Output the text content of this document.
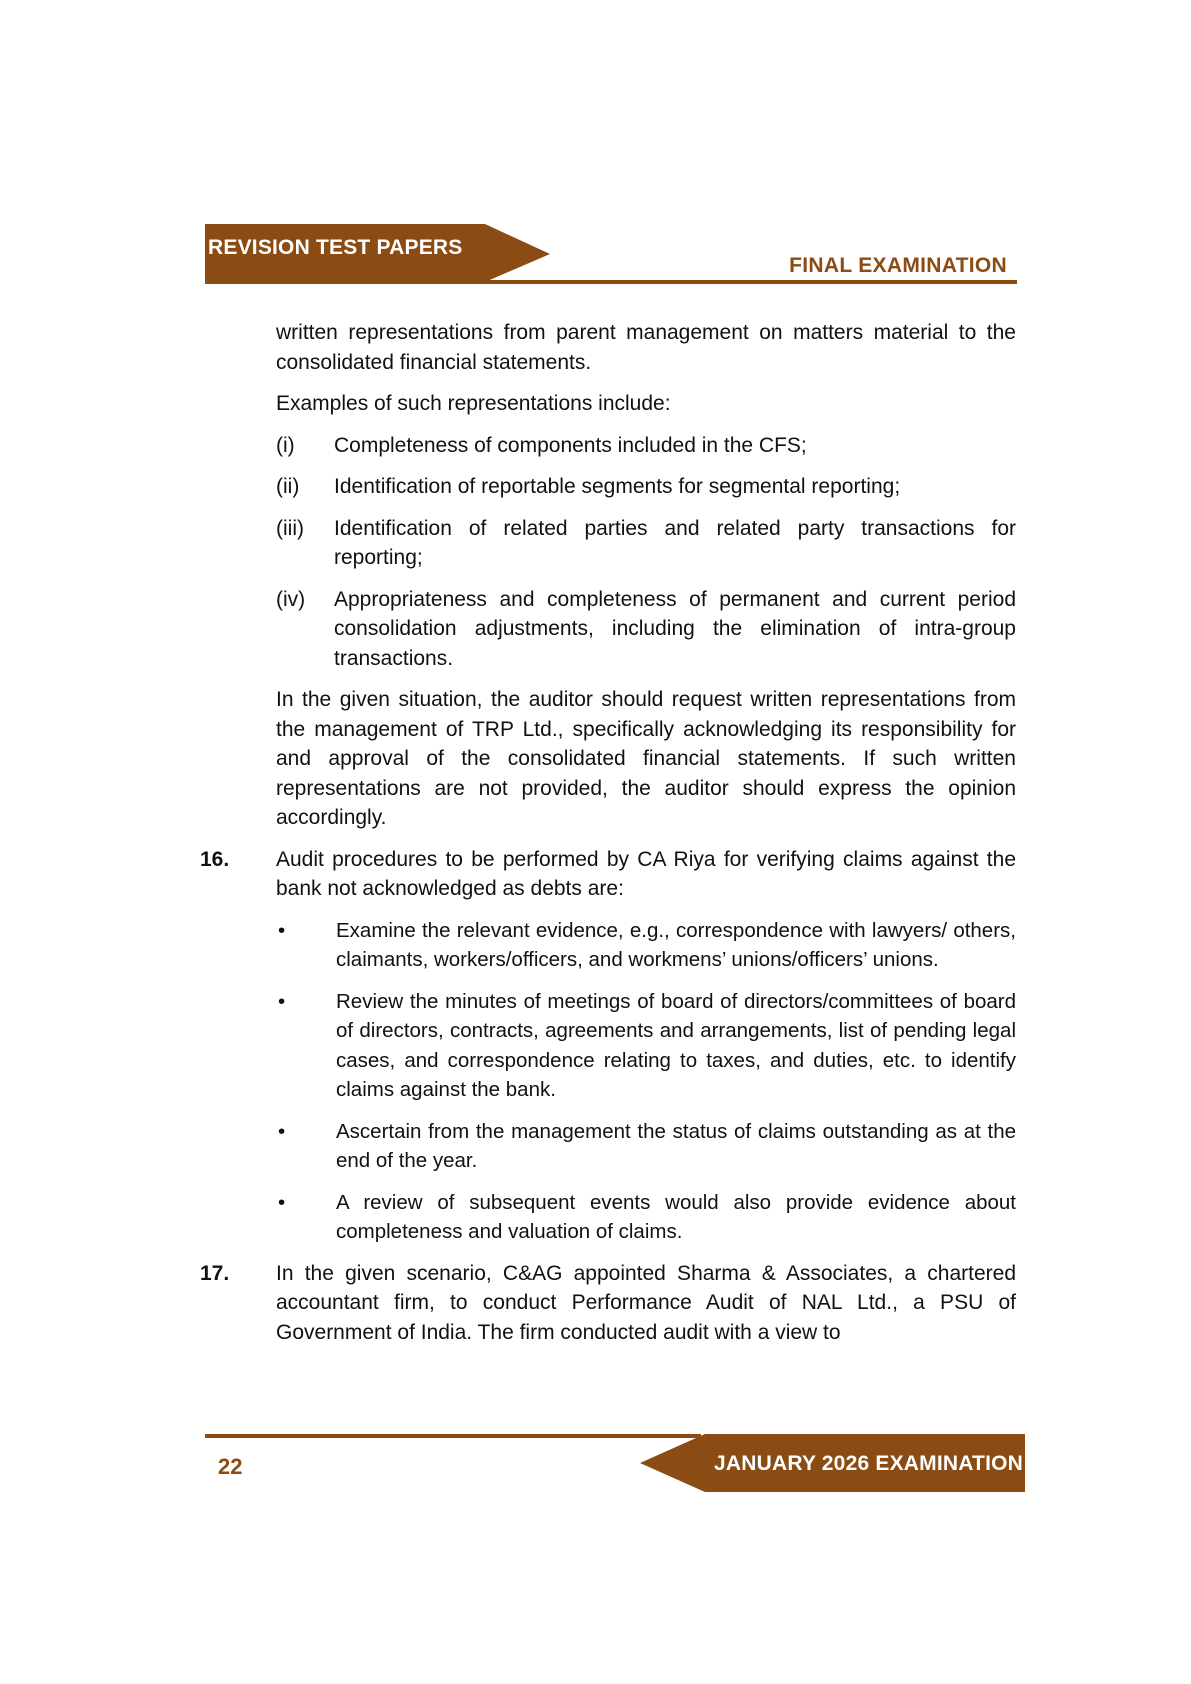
REVISION TEST PAPERS
FINAL EXAMINATION

written representations from parent management on matters material to the consolidated financial statements.

Examples of such representations include:

(i)	Completeness of components included in the CFS;
(ii)	Identification of reportable segments for segmental reporting;
(iii)	Identification of related parties and related party transactions for reporting;
(iv)	Appropriateness and completeness of permanent and current period consolidation adjustments, including the elimination of intra-group transactions.

In the given situation, the auditor should request written representations from the management of TRP Ltd., specifically acknowledging its responsibility for and approval of the consolidated financial statements. If such written representations are not provided, the auditor should express the opinion accordingly.

16.	Audit procedures to be performed by CA Riya for verifying claims against the bank not acknowledged as debts are:
•	Examine the relevant evidence, e.g., correspondence with lawyers/ others, claimants, workers/officers, and workmens’ unions/officers’ unions.
•	Review the minutes of meetings of board of directors/committees of board of directors, contracts, agreements and arrangements, list of pending legal cases, and correspondence relating to taxes, and duties, etc. to identify claims against the bank.
•	Ascertain from the management the status of claims outstanding as at the end of the year.
•	A review of subsequent events would also provide evidence about completeness and valuation of claims.
17.	In the given scenario, C&AG appointed Sharma & Associates, a chartered accountant firm, to conduct Performance Audit of NAL Ltd., a PSU of Government of India. The firm conducted audit with a view to
22	JANUARY 2026 EXAMINATION
